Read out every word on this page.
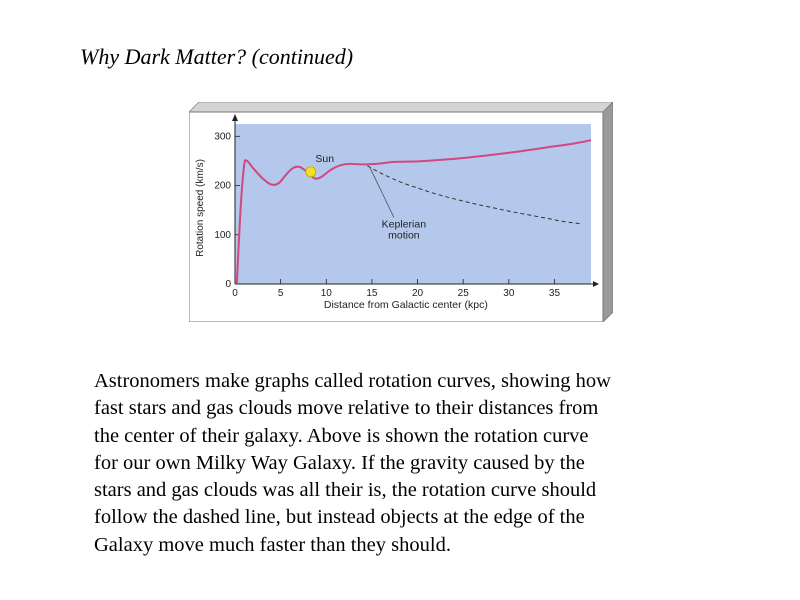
Why Dark Matter? (continued)
0	5	10	15	20	25	30	35
0
100
200
300
Distance from Galactic center (kpc)
Rotation speed (km/s)
Sun
Keplerian
motion
Astronomers make graphs called rotation curves, showing how
fast stars and gas clouds move relative to their distances from
the center of their galaxy. Above is shown the rotation curve
for our own Milky Way Galaxy. If the gravity caused by the
stars and gas clouds was all their is, the rotation curve should
follow the dashed line, but instead objects at the edge of the
Galaxy move much faster than they should.
